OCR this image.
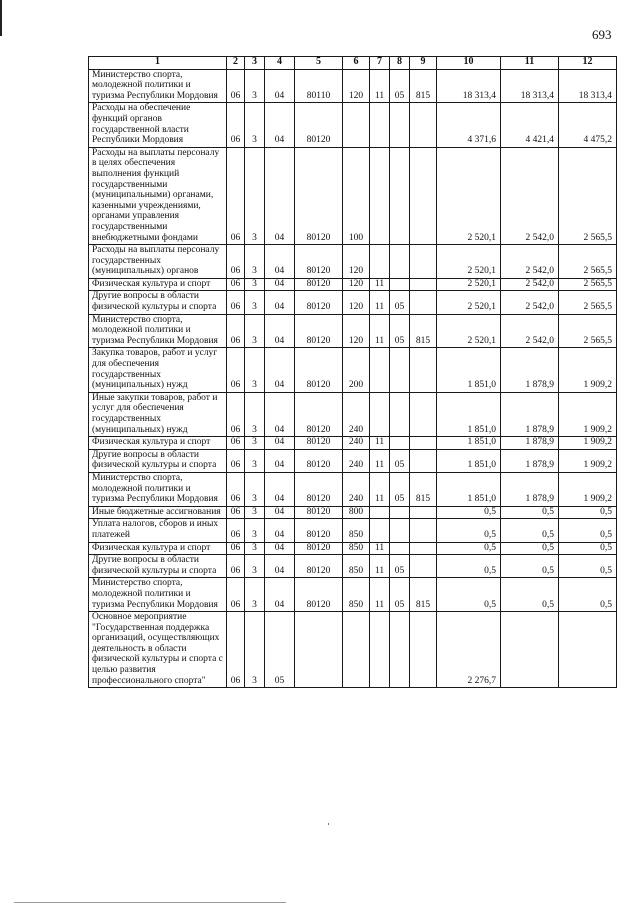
693
1	2	3	4	5	6	7	8	9	10	11	12
Министерство спорта, молодежной политики и туризма Республики Мордовия	06	3	04	80110	120	11	05	815	18 313,4	18 313,4	18 313,4
Расходы на обеспечение функций органов государственной власти Республики Мордовия	06	3	04	80120					4 371,6	4 421,4	4 475,2
Расходы на выплаты персоналу в целях обеспечения выполнения функций государственными (муниципальными) органами, казенными учреждениями, органами управления государственными внебюджетными фондами	06	3	04	80120	100				2 520,1	2 542,0	2 565,5
Расходы на выплаты персоналу государственных (муниципальных) органов	06	3	04	80120	120				2 520,1	2 542,0	2 565,5
Физическая культура и спорт	06	3	04	80120	120	11			2 520,1	2 542,0	2 565,5
Другие вопросы в области физической культуры и спорта	06	3	04	80120	120	11	05		2 520,1	2 542,0	2 565,5
Министерство спорта, молодежной политики и туризма Республики Мордовия	06	3	04	80120	120	11	05	815	2 520,1	2 542,0	2 565,5
Закупка товаров, работ и услуг для обеспечения государственных (муниципальных) нужд	06	3	04	80120	200				1 851,0	1 878,9	1 909,2
Иные закупки товаров, работ и услуг для обеспечения государственных (муниципальных) нужд	06	3	04	80120	240				1 851,0	1 878,9	1 909,2
Физическая культура и спорт	06	3	04	80120	240	11			1 851,0	1 878,9	1 909,2
Другие вопросы в области физической культуры и спорта	06	3	04	80120	240	11	05		1 851,0	1 878,9	1 909,2
Министерство спорта, молодежной политики и туризма Республики Мордовия	06	3	04	80120	240	11	05	815	1 851,0	1 878,9	1 909,2
Иные бюджетные ассигнования	06	3	04	80120	800				0,5	0,5	0,5
Уплата налогов, сборов и иных платежей	06	3	04	80120	850				0,5	0,5	0,5
Физическая культура и спорт	06	3	04	80120	850	11			0,5	0,5	0,5
Другие вопросы в области физической культуры и спорта	06	3	04	80120	850	11	05		0,5	0,5	0,5
Министерство спорта, молодежной политики и туризма Республики Мордовия	06	3	04	80120	850	11	05	815	0,5	0,5	0,5
Основное мероприятие "Государственная поддержка организаций, осуществляющих деятельность в области физической культуры и спорта с целью развития профессионального спорта"	06	3	05						2 276,7		
